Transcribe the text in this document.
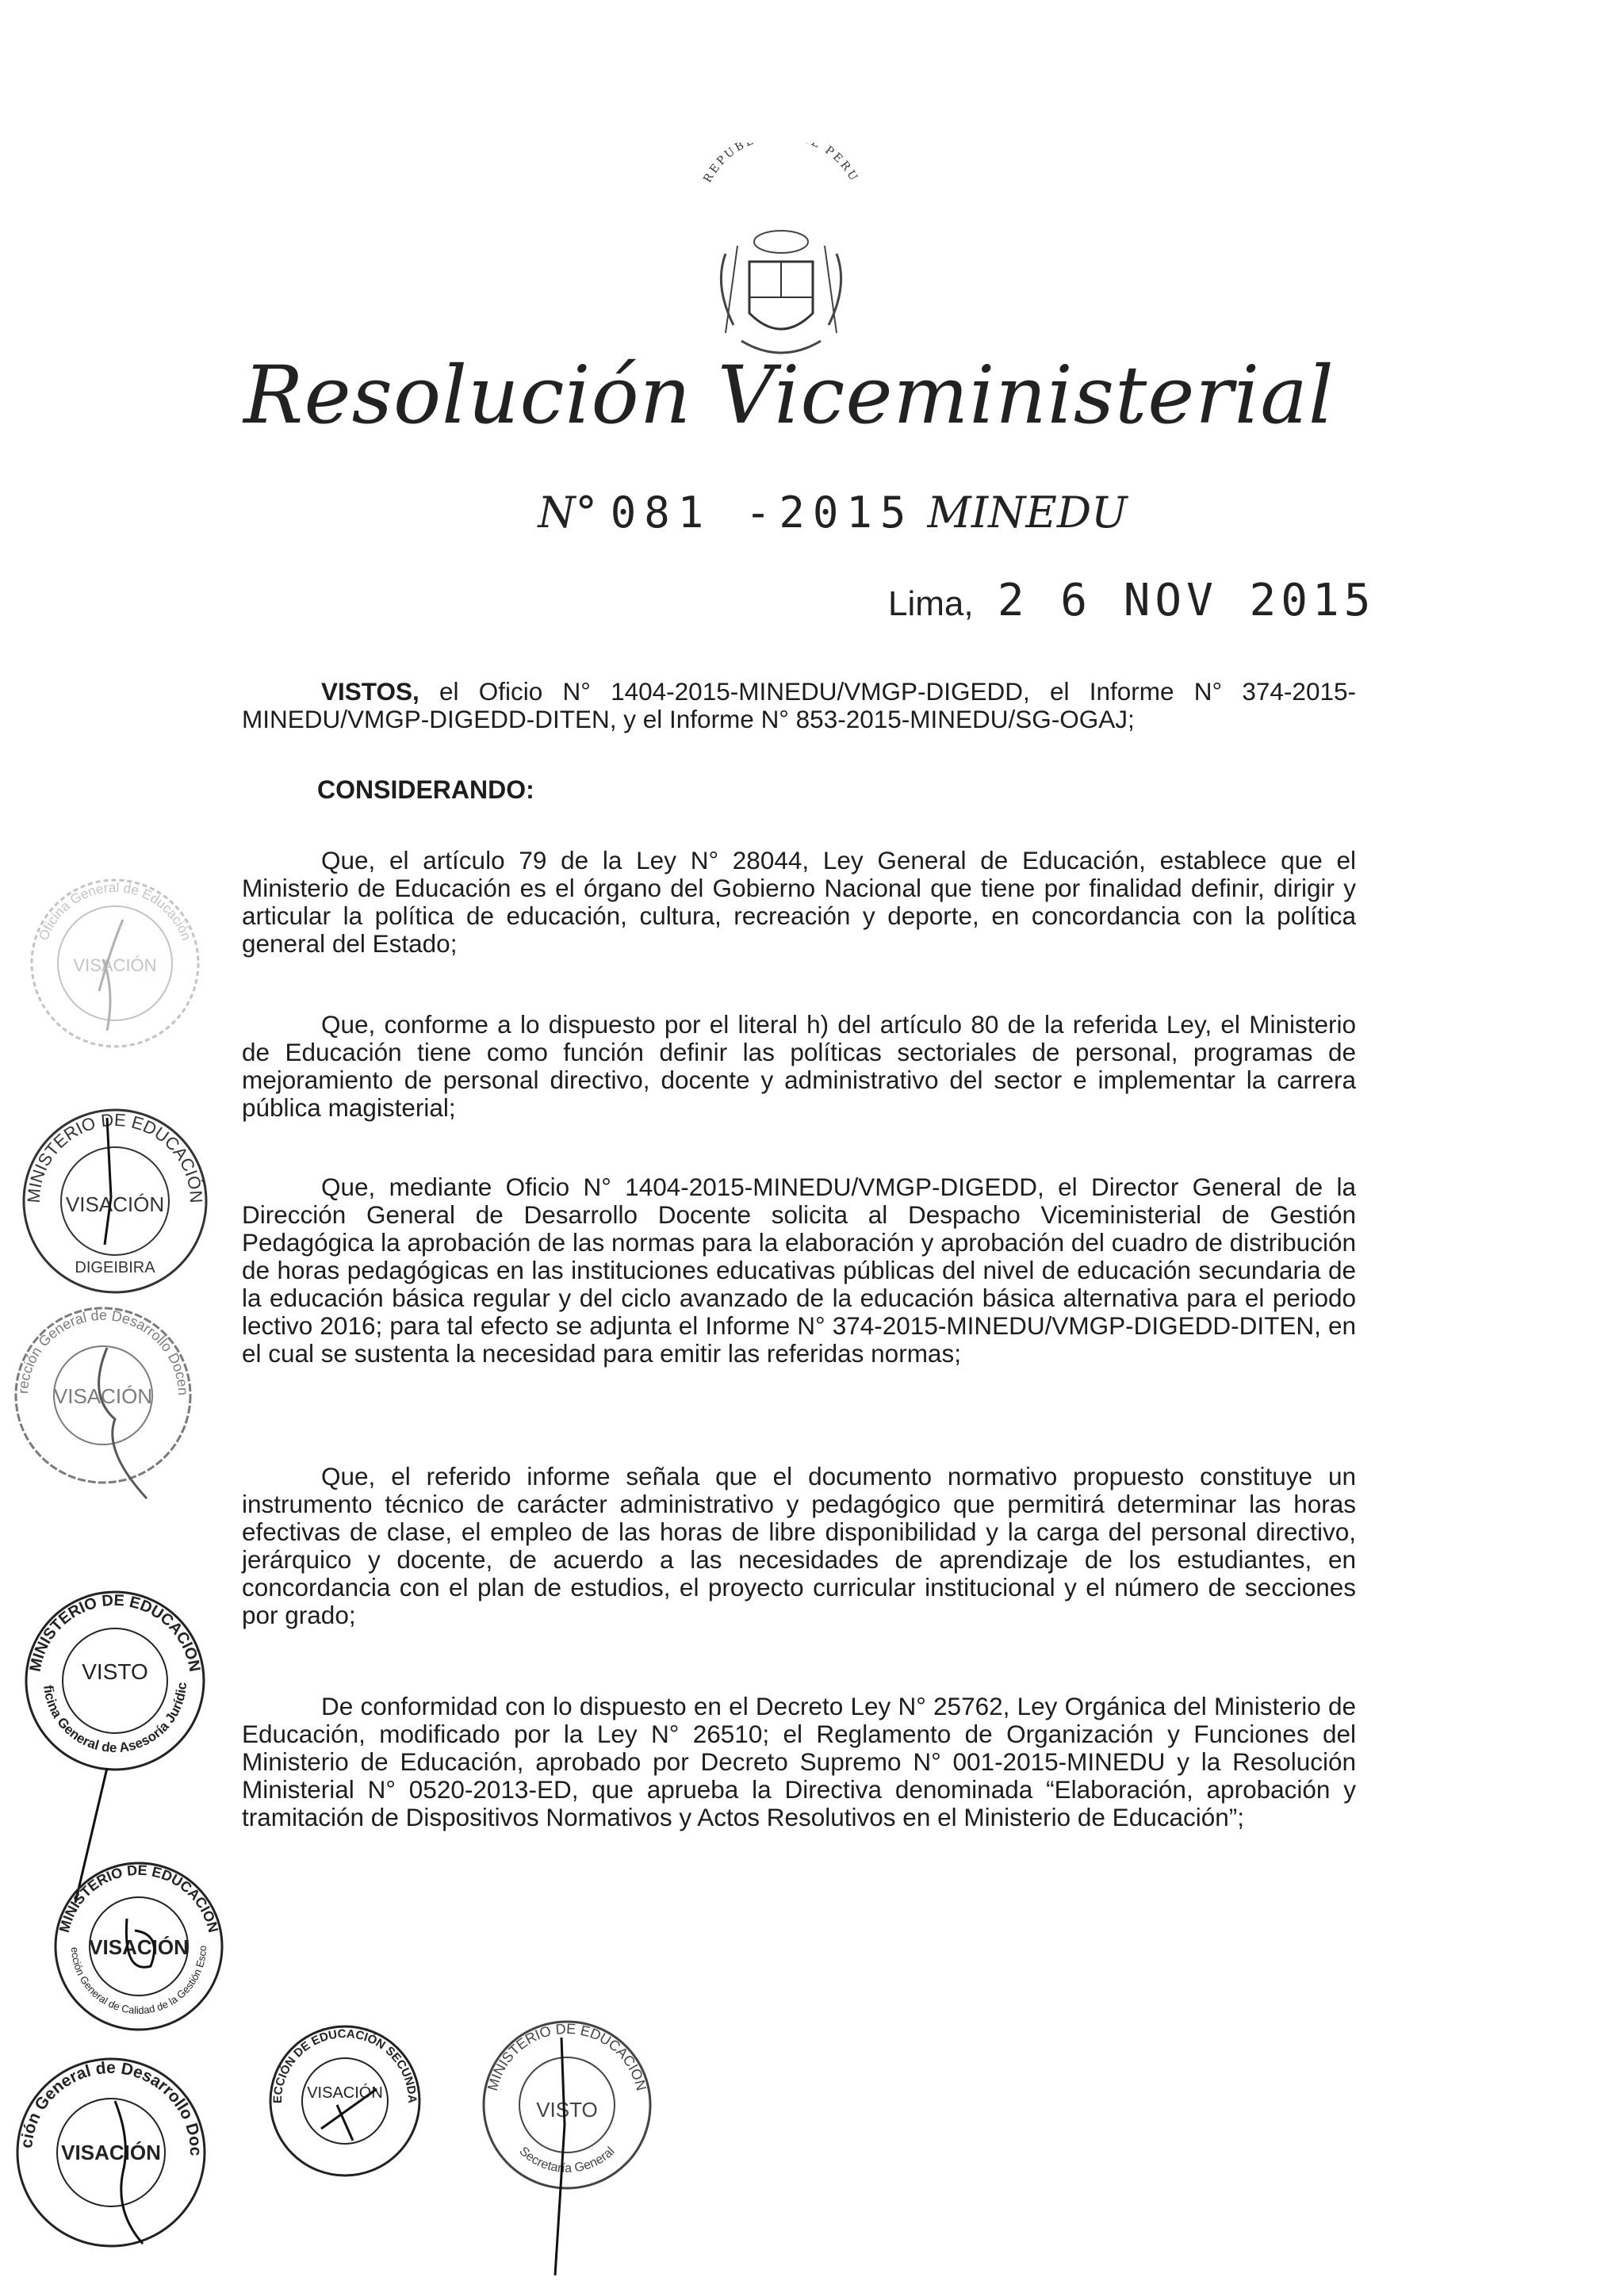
REPUB L PERU
Resolución Viceministerial
N° 081 -2015 MINEDU
Lima, 2 6 NOV 2015
VISTOS, el Oficio N° 1404-2015-MINEDU/VMGP-DIGEDD, el Informe N° 374-2015-MINEDU/VMGP-DIGEDD-DITEN, y el Informe N° 853-2015-MINEDU/SG-OGAJ;
CONSIDERANDO:
Que, el artículo 79 de la Ley N° 28044, Ley General de Educación, establece que el Ministerio de Educación es el órgano del Gobierno Nacional que tiene por finalidad definir, dirigir y articular la política de educación, cultura, recreación y deporte, en concordancia con la política general del Estado;
Que, conforme a lo dispuesto por el literal h) del artículo 80 de la referida Ley, el Ministerio de Educación tiene como función definir las políticas sectoriales de personal, programas de mejoramiento de personal directivo, docente y administrativo del sector e implementar la carrera pública magisterial;
Que, mediante Oficio N° 1404-2015-MINEDU/VMGP-DIGEDD, el Director General de la Dirección General de Desarrollo Docente solicita al Despacho Viceministerial de Gestión Pedagógica la aprobación de las normas para la elaboración y aprobación del cuadro de distribución de horas pedagógicas en las instituciones educativas públicas del nivel de educación secundaria de la educación básica regular y del ciclo avanzado de la educación básica alternativa para el periodo lectivo 2016; para tal efecto se adjunta el Informe N° 374-2015-MINEDU/VMGP-DIGEDD-DITEN, en el cual se sustenta la necesidad para emitir las referidas normas;
Que, el referido informe señala que el documento normativo propuesto constituye un instrumento técnico de carácter administrativo y pedagógico que permitirá determinar las horas efectivas de clase, el empleo de las horas de libre disponibilidad y la carga del personal directivo, jerárquico y docente, de acuerdo a las necesidades de aprendizaje de los estudiantes, en concordancia con el plan de estudios, el proyecto curricular institucional y el número de secciones por grado;
De conformidad con lo dispuesto en el Decreto Ley N° 25762, Ley Orgánica del Ministerio de Educación, modificado por la Ley N° 26510; el Reglamento de Organización y Funciones del Ministerio de Educación, aprobado por Decreto Supremo N° 001-2015-MINEDU y la Resolución Ministerial N° 0520-2013-ED, que aprueba la Directiva denominada “Elaboración, aprobación y tramitación de Dispositivos Normativos y Actos Resolutivos en el Ministerio de Educación”;
Oficina General de Educación
VISACIÓN
MINISTERIO DE EDUCACIÓN
VISACIÓN
DIGEIBIRA
Dirección General de Desarrollo Docente
VISACIÓN
MINISTERIO DE EDUCACIÓN
Oficina General de Asesoría Jurídica
VISTO
MINISTERIO DE EDUCACIÓN
Dirección General de Calidad de la Gestión Escolar
VISACIÓN
Dirección General de Desarrollo Docente
VISACIÓN
DIRECCIÓN DE EDUCACIÓN SECUNDARIA
VISACIÓN	MINISTERIO DE EDUCACIÓN
Secretaría General
VISTO
